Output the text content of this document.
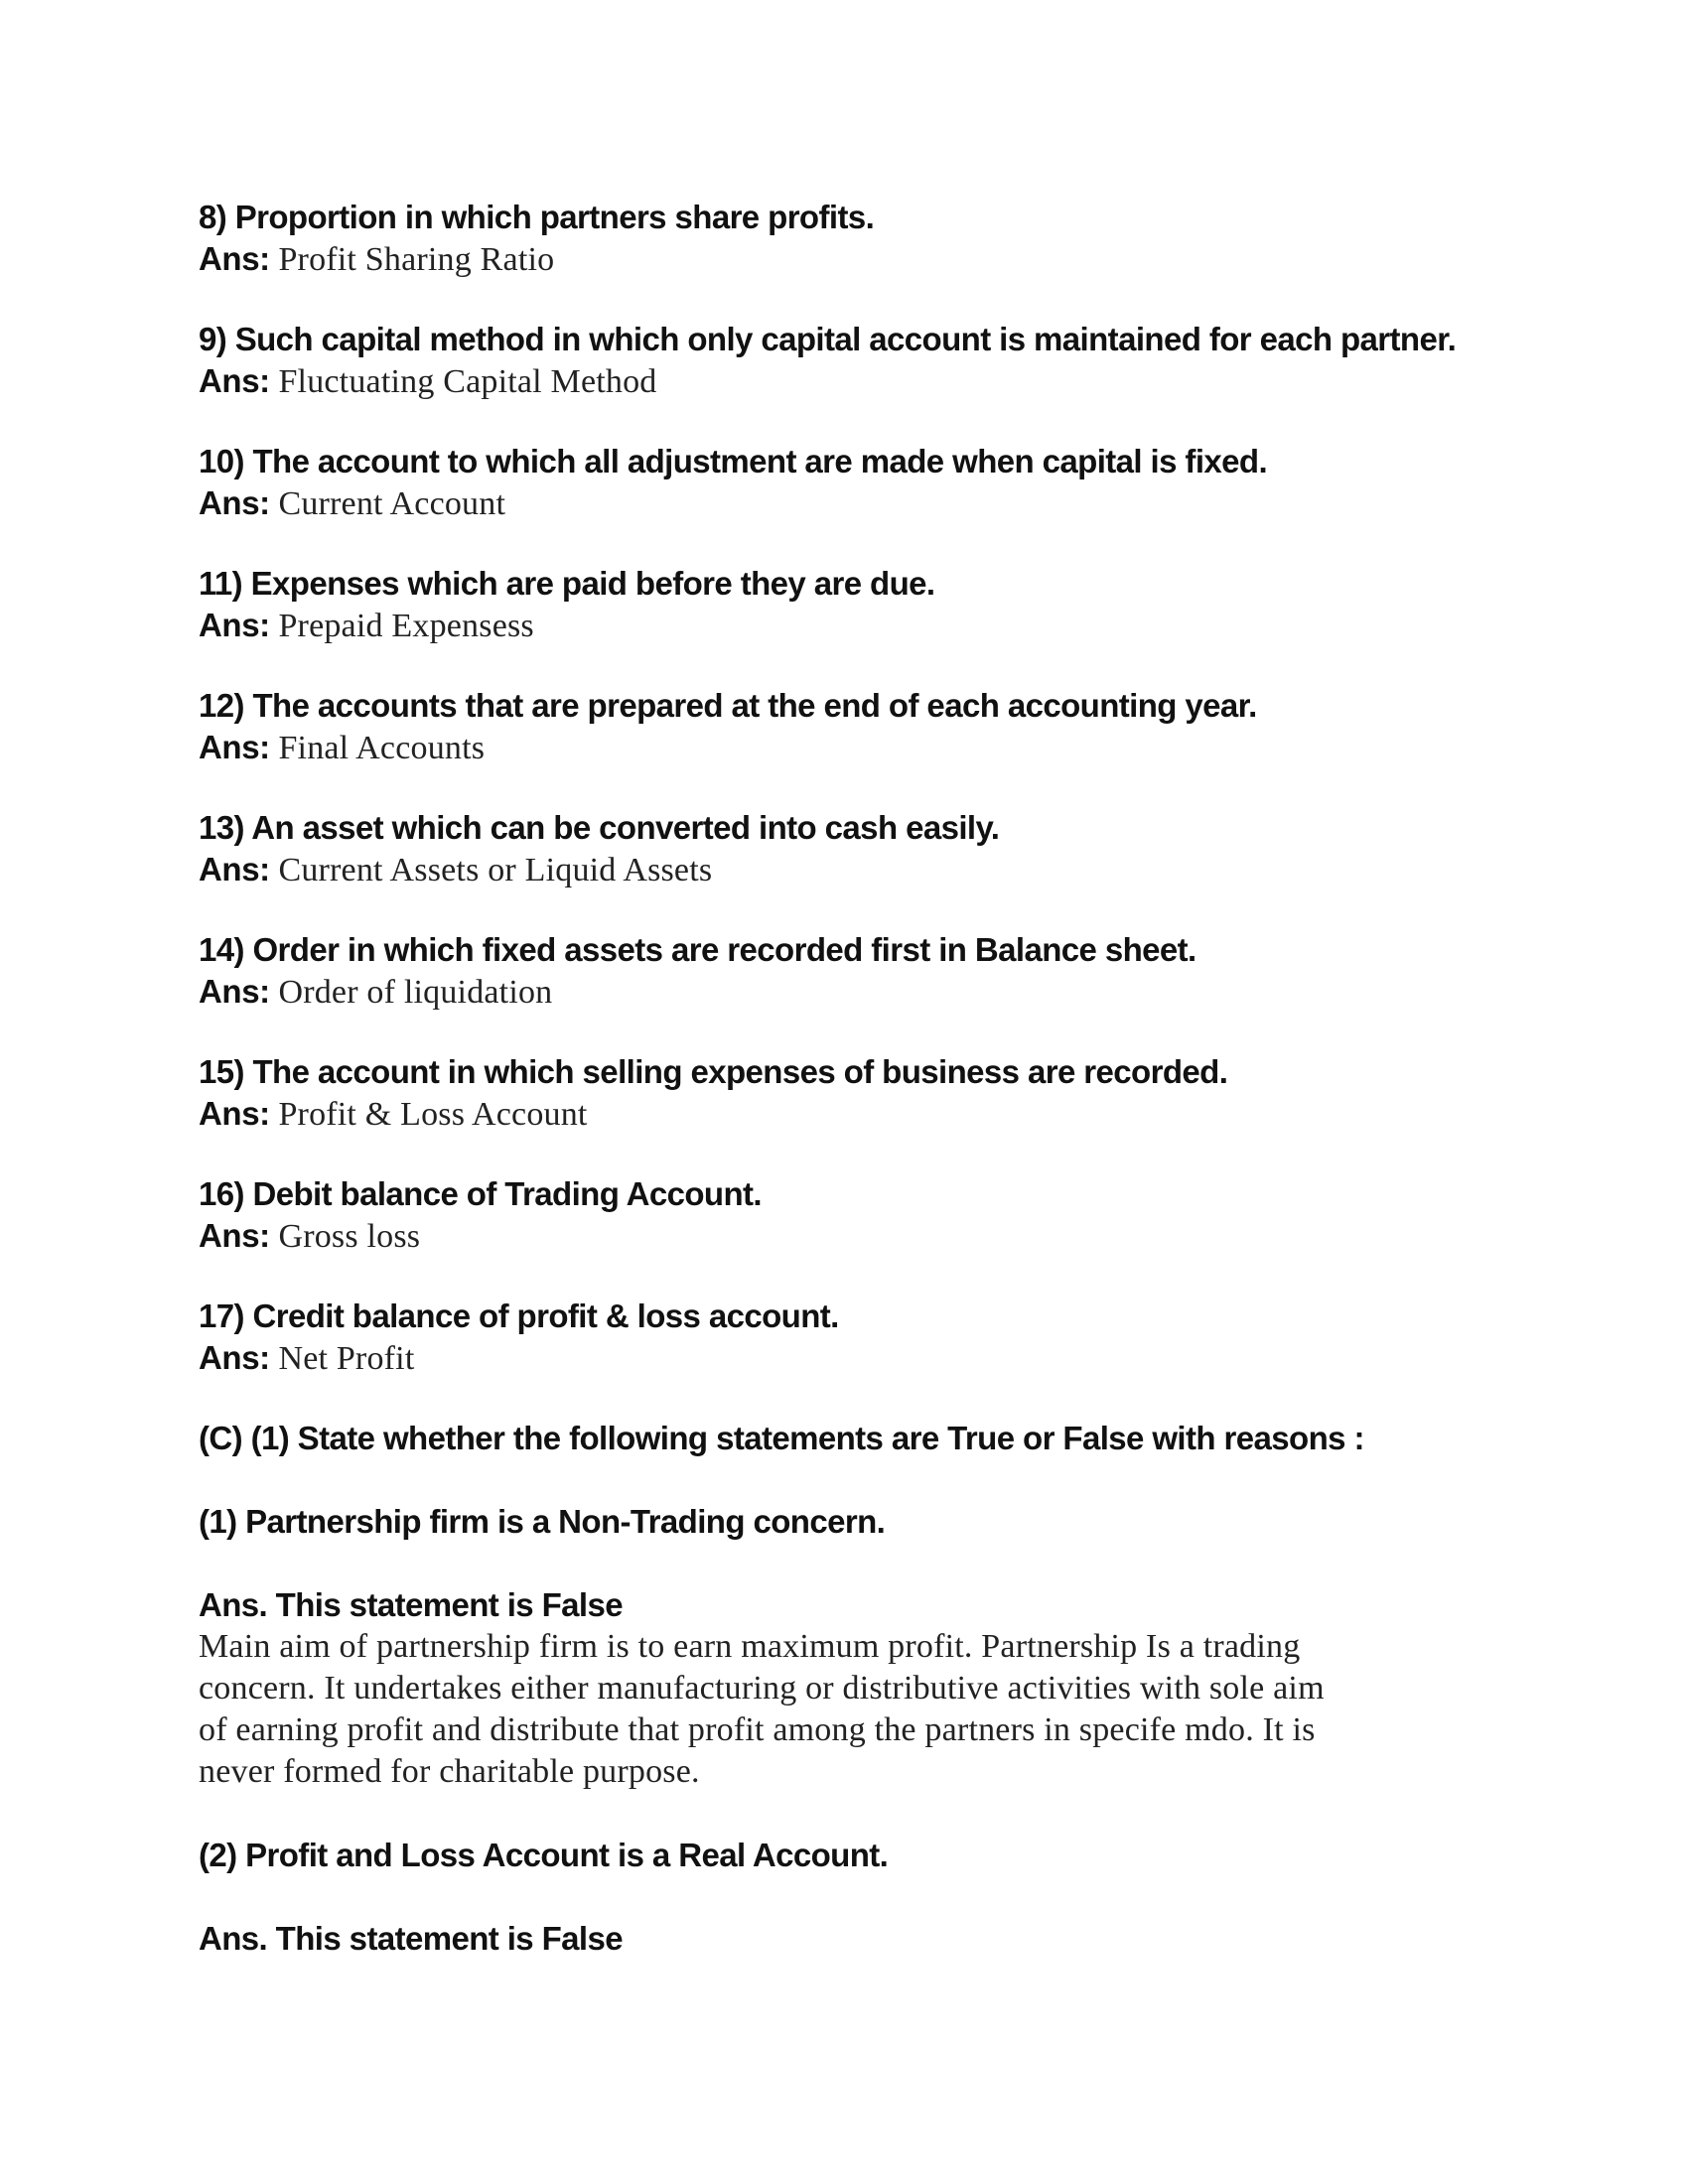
8) Proportion in which partners share profits.

Ans: Profit Sharing Ratio

9) Such capital method in which only capital account is maintained for each partner.

Ans: Fluctuating Capital Method

10) The account to which all adjustment are made when capital is fixed.

Ans: Current Account

11) Expenses which are paid before they are due.

Ans: Prepaid Expensess

12) The accounts that are prepared at the end of each accounting year.

Ans: Final Accounts

13) An asset which can be converted into cash easily.

Ans: Current Assets or Liquid Assets

14) Order in which fixed assets are recorded first in Balance sheet.

Ans: Order of liquidation

15) The account in which selling expenses of business are recorded.

Ans: Profit & Loss Account

16) Debit balance of Trading Account.

Ans: Gross loss

17) Credit balance of profit & loss account.

Ans: Net Profit

(C) (1) State whether the following statements are True or False with reasons :

(1) Partnership firm is a Non-Trading concern.

Ans. This statement is False

Main aim of partnership firm is to earn maximum profit. Partnership Is a trading

concern. It undertakes either manufacturing or distributive activities with sole aim

of earning profit and distribute that profit among the partners in specife mdo. It is

never formed for charitable purpose.

(2) Profit and Loss Account is a Real Account.

Ans. This statement is False
